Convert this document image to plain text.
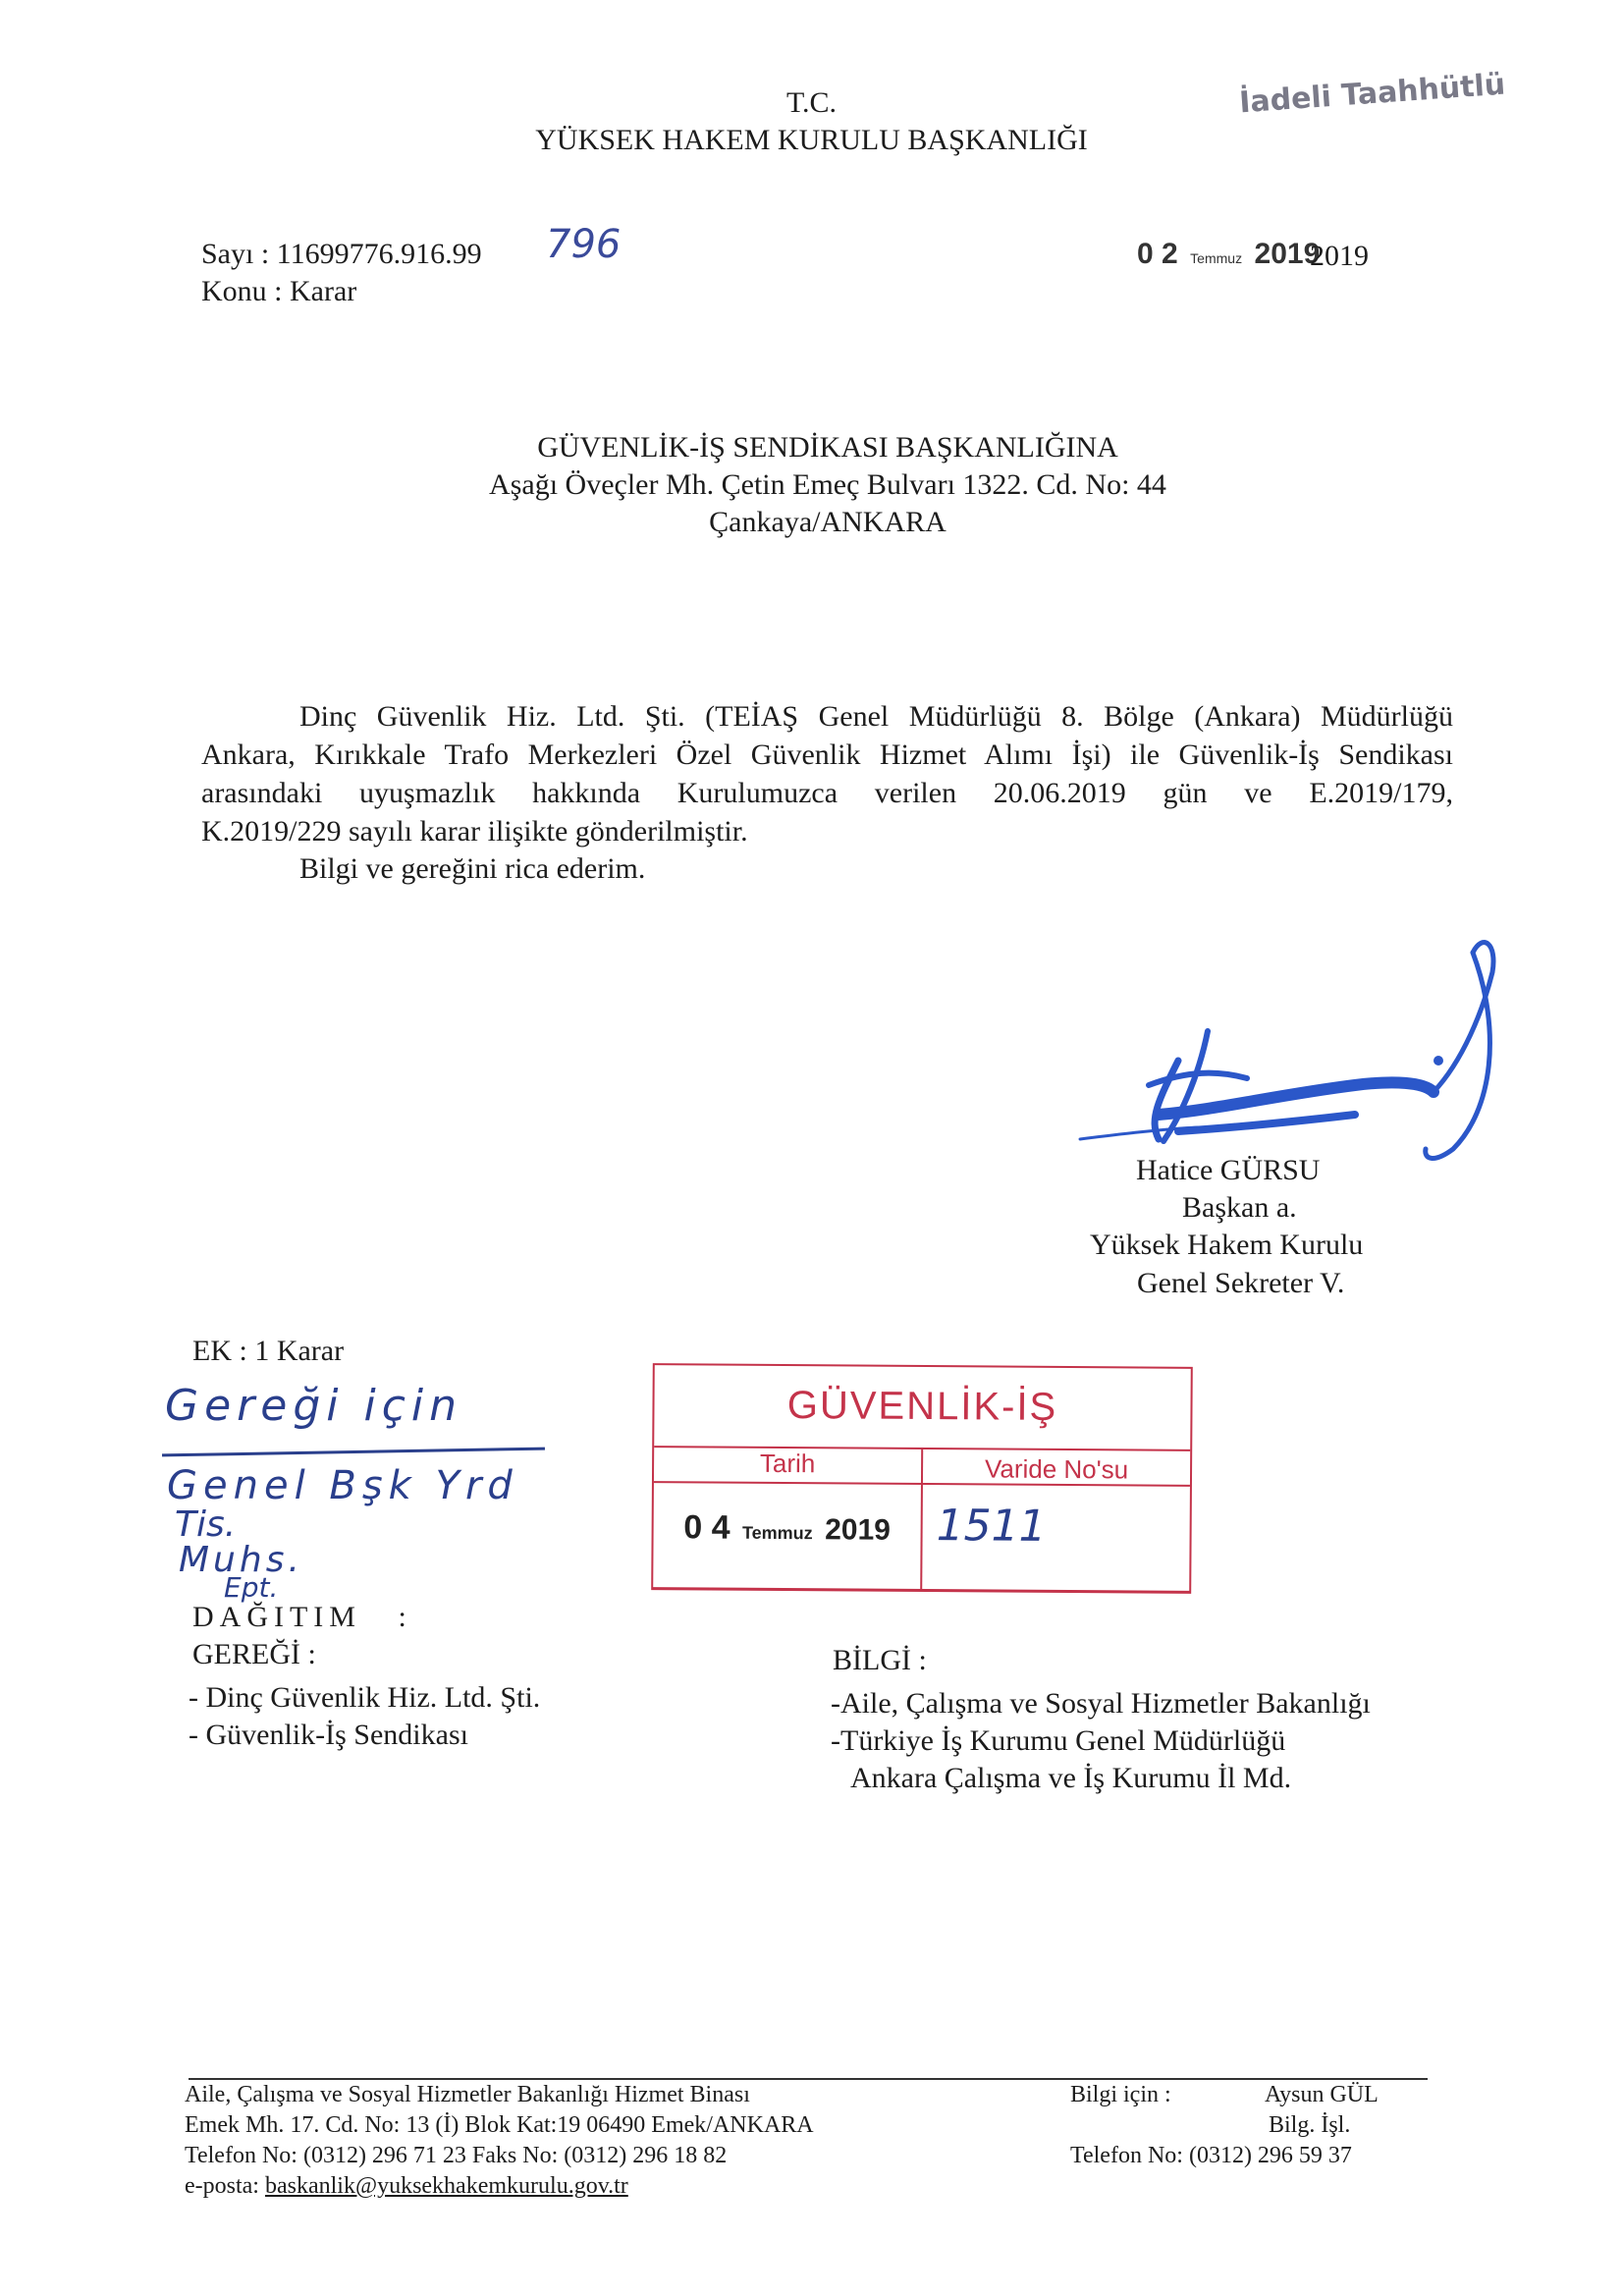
T.C.
YÜKSEK HAKEM KURULU BAŞKANLIĞI
İadeli Taahhütlü
Sayı : 11699776.916.99 796
Konu : Karar
0 2 Temmuz 2019
2019
GÜVENLİK-İŞ SENDİKASI BAŞKANLIĞINA
Aşağı Öveçler Mh. Çetin Emeç Bulvarı 1322. Cd. No: 44
Çankaya/ANKARA

Dinç Güvenlik Hiz. Ltd. Şti. (TEİAŞ Genel Müdürlüğü 8. Bölge (Ankara) Müdürlüğü

Ankara, Kırıkkale Trafo Merkezleri Özel Güvenlik Hizmet Alımı İşi) ile Güvenlik-İş Sendikası

arasındaki uyuşmazlık hakkında Kurulumuzca verilen 20.06.2019 gün ve E.2019/179,

K.2019/229 sayılı karar ilişikte gönderilmiştir.

Bilgi ve gereğini rica ederim.
Hatice GÜRSU
Başkan a.
Yüksek Hakem Kurulu
Genel Sekreter V.
EK : 1 Karar
Gereği için
Genel Bşk Yrd
Tis.
Muhs.
Ept.
GÜVENLİK-İŞ
Tarih	Varide No'su
0 4 Temmuz 2019	1511
DAĞITIM :
GEREĞİ :
- Dinç Güvenlik Hiz. Ltd. Şti.
- Güvenlik-İş Sendikası
BİLGİ :
-Aile, Çalışma ve Sosyal Hizmetler Bakanlığı
-Türkiye İş Kurumu Genel Müdürlüğü
Ankara Çalışma ve İş Kurumu İl Md.
Aile, Çalışma ve Sosyal Hizmetler Bakanlığı Hizmet Binası
Emek Mh. 17. Cd. No: 13 (İ) Blok Kat:19 06490 Emek/ANKARA
Telefon No: (0312) 296 71 23 Faks No: (0312) 296 18 82
e-posta: baskanlik@yuksekhakemkurulu.gov.tr
Bilgi için :	Aysun GÜL
Bilg. İşl.
Telefon No: (0312) 296 59 37
